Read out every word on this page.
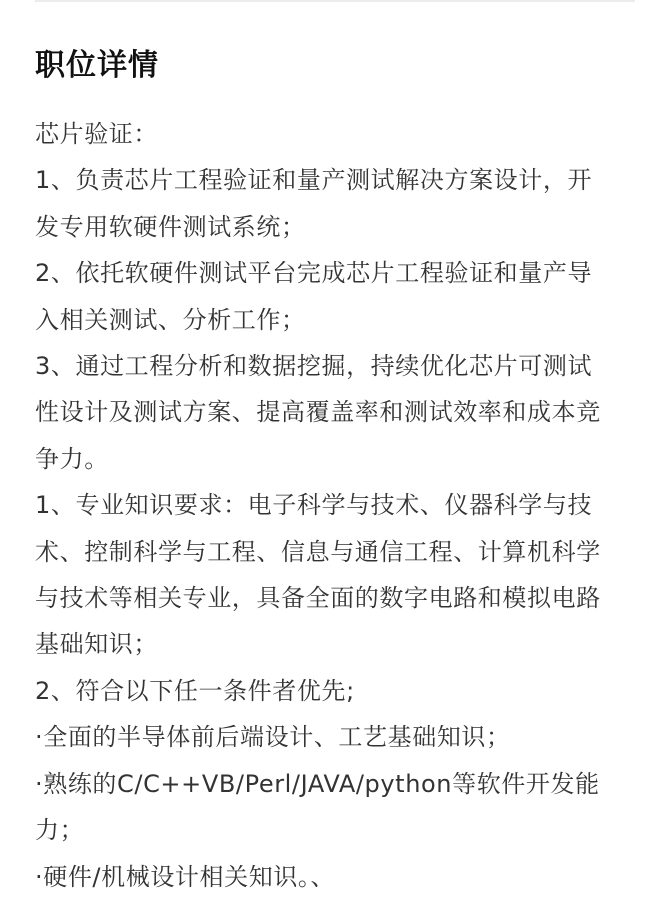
职位详情
芯片验证：
1、负责芯片工程验证和量产测试解决方案设计，开
发专用软硬件测试系统；
2、依托软硬件测试平台完成芯片工程验证和量产导
入相关测试、分析工作；
3、通过工程分析和数据挖掘，持续优化芯片可测试
性设计及测试方案、提高覆盖率和测试效率和成本竞
争力。
1、专业知识要求：电子科学与技术、仪器科学与技
术、控制科学与工程、信息与通信工程、计算机科学
与技术等相关专业，具备全面的数字电路和模拟电路
基础知识；
2、符合以下任一条件者优先;
·全面的半导体前后端设计、工艺基础知识；
·熟练的C/C++VB/Perl/JAVA/python等软件开发能
力；
·硬件/机械设计相关知识。、
